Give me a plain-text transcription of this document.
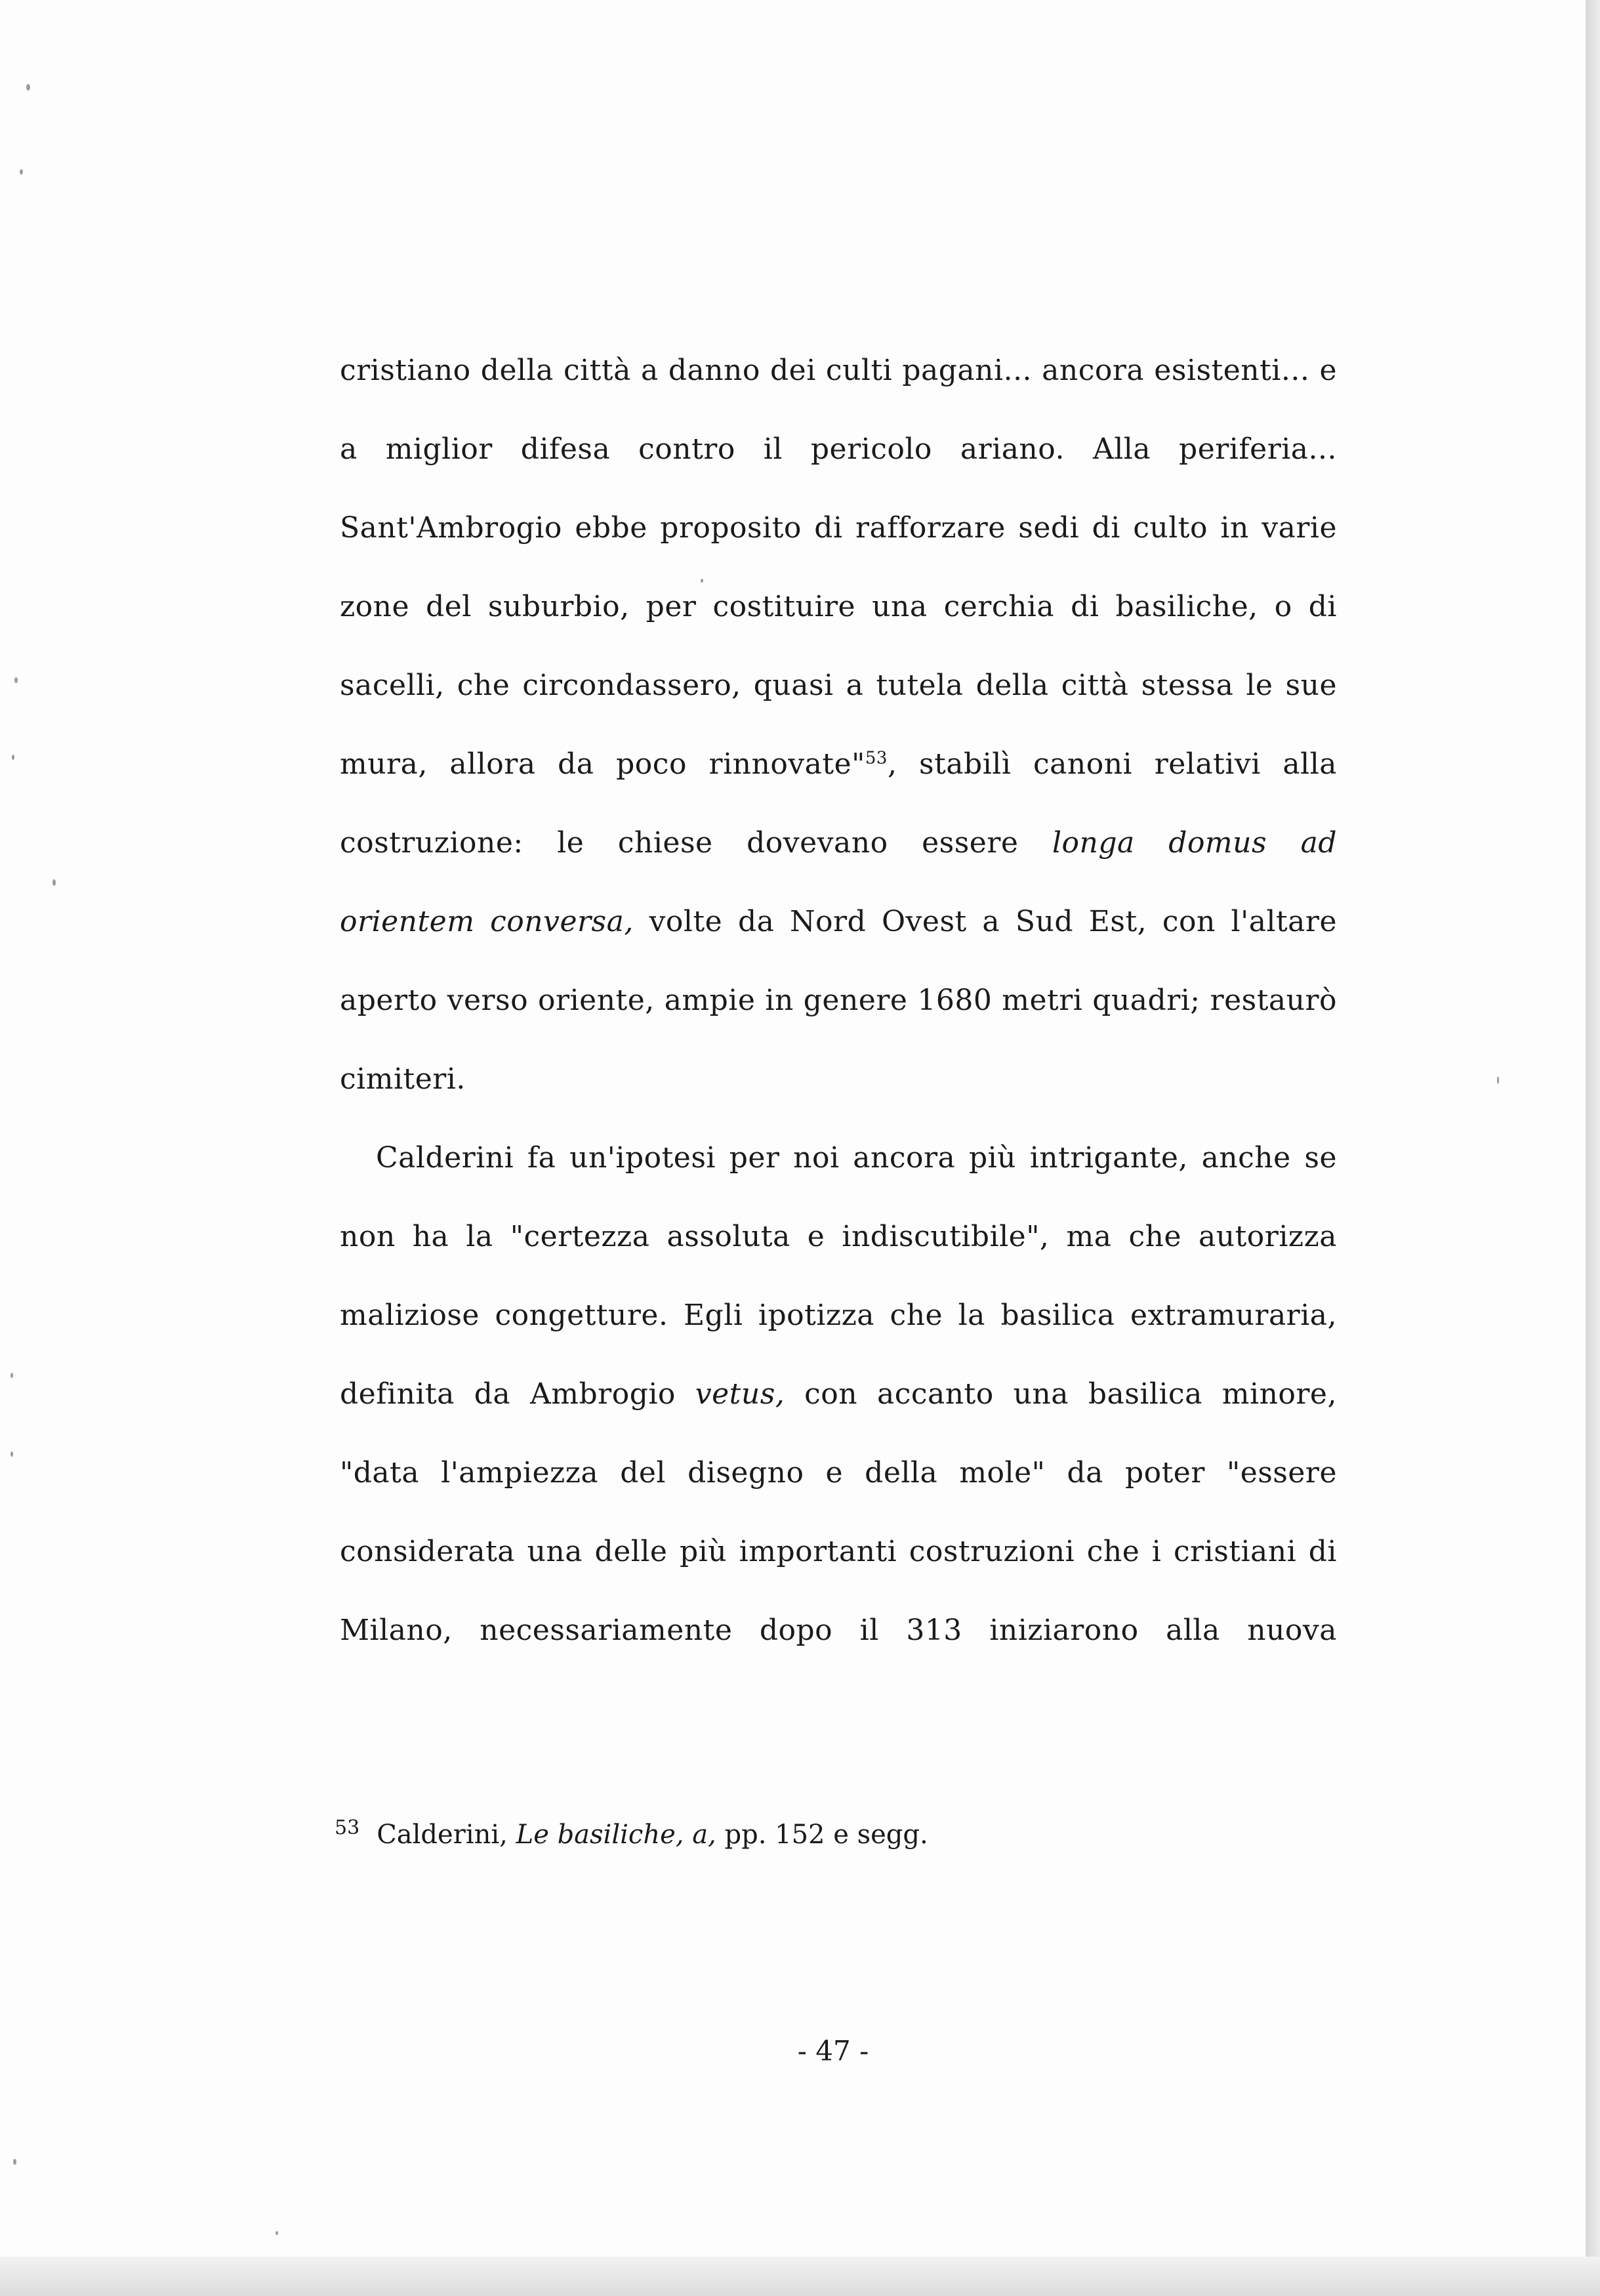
cristiano della città a danno dei culti pagani... ancora esistenti... e
a miglior difesa contro il pericolo ariano. Alla periferia...
Sant'Ambrogio ebbe proposito di rafforzare sedi di culto in varie
zone del suburbio, per costituire una cerchia di basiliche, o di
sacelli, che circondassero, quasi a tutela della città stessa le sue
mura, allora da poco rinnovate"$^{53}$, stabilì canoni relativi alla
costruzione: le chiese dovevano essere longa domus ad
orientem conversa, volte da Nord Ovest a Sud Est, con l'altare
aperto verso oriente, ampie in genere 1680 metri quadri; restaurò
cimiteri.
Calderini fa un'ipotesi per noi ancora più intrigante, anche se
non ha la "certezza assoluta e indiscutibile", ma che autorizza
maliziose congetture. Egli ipotizza che la basilica extramuraria,
definita da Ambrogio vetus, con accanto una basilica minore,
"data l'ampiezza del disegno e della mole" da poter "essere
considerata una delle più importanti costruzioni che i cristiani di
Milano, necessariamente dopo il 313 iniziarono alla nuova
$^{53}$ Calderini, Le basiliche, a, pp. 152 e segg.
- 47 -
